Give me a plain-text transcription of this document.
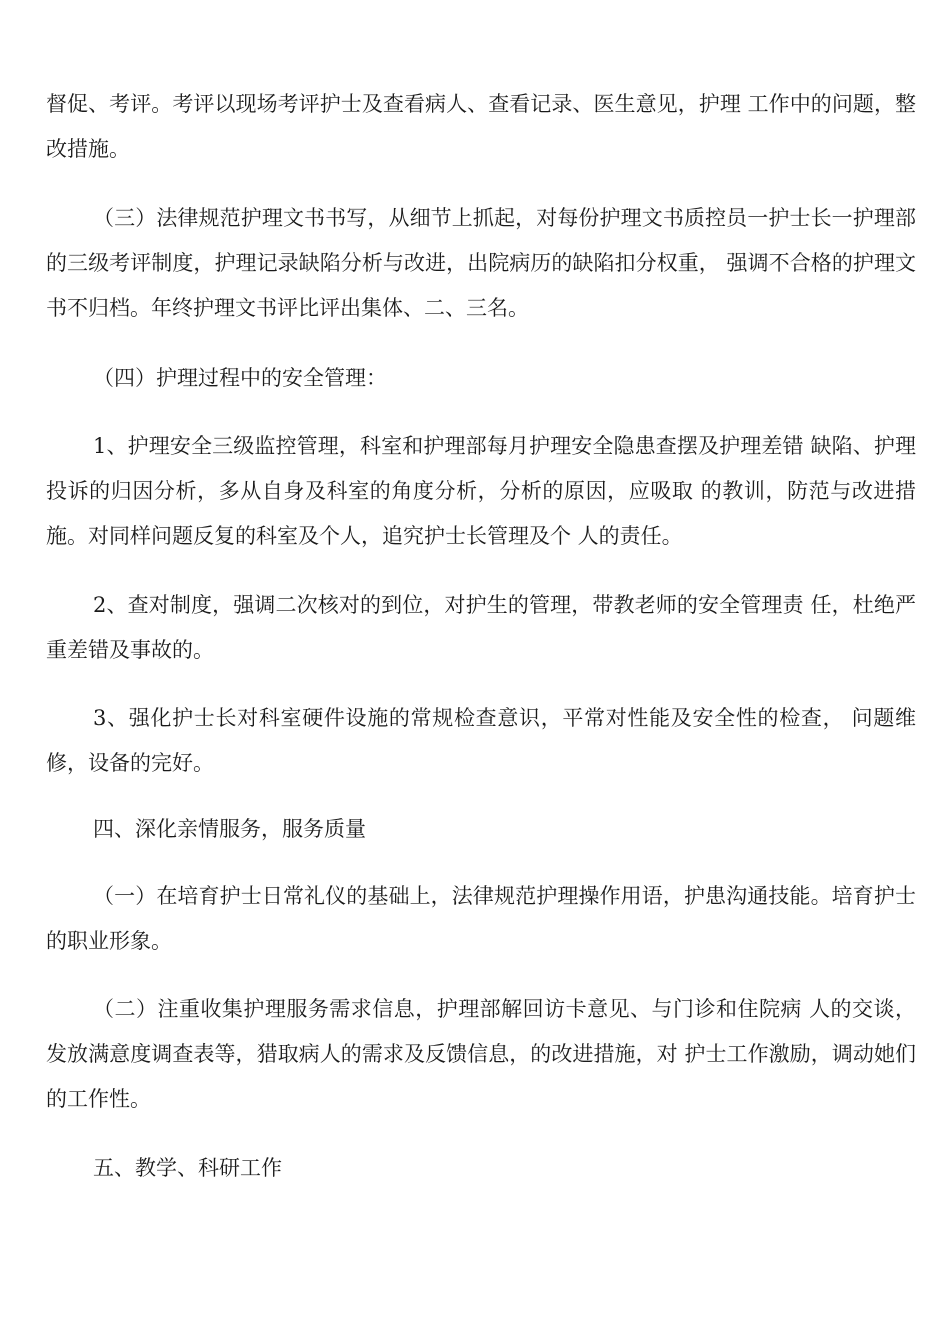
督促、考评。考评以现场考评护士及查看病人、查看记录、医生意见，护理 工作中的问题，整改措施。

（三）法律规范护理文书书写，从细节上抓起，对每份护理文书质控员一护士长一护理部的三级考评制度，护理记录缺陷分析与改进，出院病历的缺陷扣分权重， 强调不合格的护理文书不归档。年终护理文书评比评出集体、二、三名。

（四）护理过程中的安全管理：

1、护理安全三级监控管理，科室和护理部每月护理安全隐患查摆及护理差错 缺陷、护理投诉的归因分析，多从自身及科室的角度分析，分析的原因，应吸取 的教训，防范与改进措施。对同样问题反复的科室及个人，追究护士长管理及个 人的责任。

2、查对制度，强调二次核对的到位，对护生的管理，带教老师的安全管理责 任，杜绝严重差错及事故的。

3、强化护士长对科室硬件设施的常规检查意识，平常对性能及安全性的检查， 问题维修，设备的完好。

四、深化亲情服务，服务质量

（一）在培育护士日常礼仪的基础上，法律规范护理操作用语，护患沟通技能。培育护士的职业形象。

（二）注重收集护理服务需求信息，护理部解回访卡意见、与门诊和住院病 人的交谈，发放满意度调查表等，猎取病人的需求及反馈信息，的改进措施，对 护士工作激励，调动她们的工作性。

五、教学、科研工作
